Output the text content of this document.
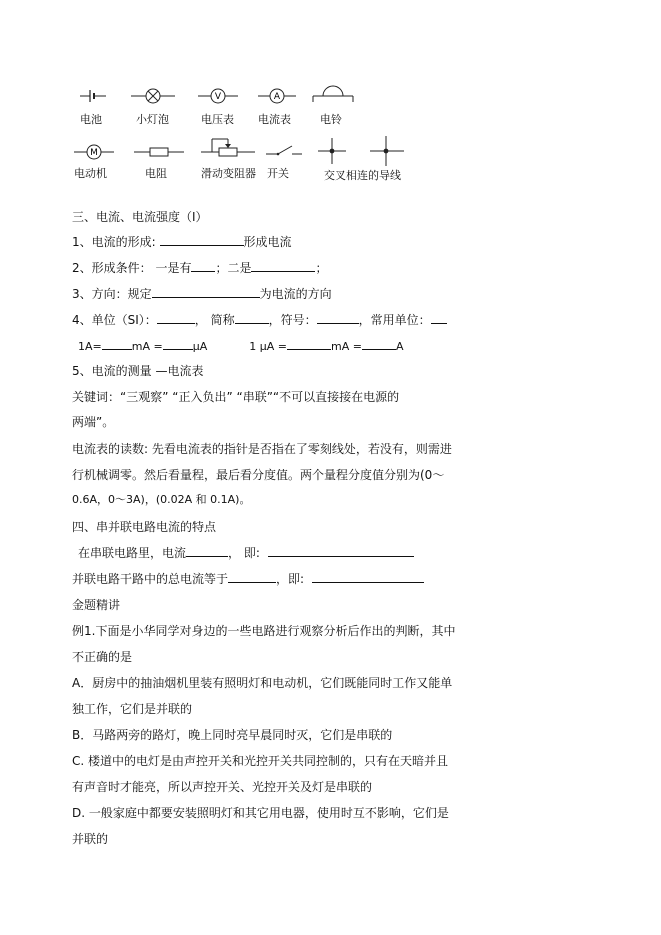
电池	小灯泡
V
电压表
A
电流表	电铃
M
电动机	电阻	滑动变阻器 开关	交叉相连的导线
三、电流、电流强度（I）
1、电流的形成:	形成电流
2、形成条件： 一是有 ；二是	；
3、方向：规定	为电流的方向
4、单位（SI）：	， 简称	，符号：	，常用单位：
1A=	mA =	μA	1 μA =	mA =	A
5、电流的测量 —电流表
关键词：“三观察” “正入负出” “串联”“不可以直接接在电源的
两端”。
电流表的读数: 先看电流表的指针是否指在了零刻线处，若没有，则需进
行机械调零。然后看量程，最后看分度值。两个量程分度值分别为(0～
0.6A，0～3A)，(0.02A 和 0.1A)。
四、串并联电路电流的特点
在串联电路里，电流	， 即:
并联电路干路中的总电流等于	，即:
金题精讲
例1.下面是小华同学对身边的一些电路进行观察分析后作出的判断，其中
不正确的是
A．厨房中的抽油烟机里装有照明灯和电动机，它们既能同时工作又能单
独工作，它们是并联的
B．马路两旁的路灯，晚上同时亮早晨同时灭，它们是串联的
C. 楼道中的电灯是由声控开关和光控开关共同控制的，只有在天暗并且
有声音时才能亮，所以声控开关、光控开关及灯是串联的
D. 一般家庭中都要安装照明灯和其它用电器，使用时互不影响，它们是
并联的
